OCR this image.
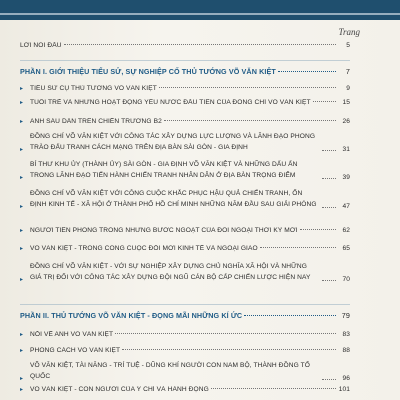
Trang
LỜI NÓI ĐẦU	5
PHẦN I. GIỚI THIỆU TIỂU SỬ, SỰ NGHIỆP CỐ THỦ TƯỚNG VÕ VĂN KIỆT	7
▸ TIỂU SỬ CỤ THỦ TƯỚNG VÕ VĂN KIỆT	9
▸ TUỔI TRẺ VÀ NHỮNG HOẠT ĐỘNG YÊU NƯỚC ĐẦU TIÊN CỦA ĐỒNG CHÍ VÕ VĂN KIỆT	15
▸ ANH SÁU DÂN TRÊN CHIẾN TRƯỜNG B2	26
▸ ĐỒNG CHÍ VÕ VĂN KIỆT VỚI CÔNG TÁC XÂY DỰNG LỰC LƯỢNG VÀ LÃNH ĐẠO PHONG TRÀO ĐẤU TRANH CÁCH MẠNG TRÊN ĐỊA BÀN SÀI GÒN - GIA ĐỊNH	31
▸ BÍ THƯ KHU ỦY (THÀNH ỦY) SÀI GÒN - GIA ĐỊNH VÕ VĂN KIỆT VÀ NHỮNG DẤU ẤN TRONG LÃNH ĐẠO TIẾN HÀNH CHIẾN TRANH NHÂN DÂN Ở ĐỊA BÀN TRỌNG ĐIỂM	39
▸ ĐỒNG CHÍ VÕ VĂN KIỆT VỚI CÔNG CUỘC KHẮC PHỤC HẬU QUẢ CHIẾN TRANH, ỔN ĐỊNH KINH TẾ - XÃ HỘI Ở THÀNH PHỐ HỒ CHÍ MINH NHỮNG NĂM ĐẦU SAU GIẢI PHÓNG	47
▸ NGƯỜI TIÊN PHONG TRONG NHỮNG BƯỚC NGOẶT CỦA ĐỐI NGOẠI THỜI KỲ MỚI	62
▸ VÕ VĂN KIỆT - TRONG CÔNG CUỘC ĐỔI MỚI KINH TẾ VÀ NGOẠI GIAO	65
▸ ĐỒNG CHÍ VÕ VĂN KIỆT - VỚI SỰ NGHIỆP XÂY DỰNG CHỦ NGHĨA XÃ HỘI VÀ NHỮNG GIÁ TRỊ ĐỐI VỚI CÔNG TÁC XÂY DỰNG ĐỘI NGŨ CÁN BỘ CẤP CHIẾN LƯỢC HIỆN NAY	70
PHẦN II. THỦ TƯỚNG VÕ VĂN KIỆT - ĐỌNG MÃI NHỮNG KÍ ỨC	79
▸ NỖI VỀ ANH VÕ VĂN KIỆT	83
▸ PHONG CÁCH VÕ VĂN KIỆT	88
▸ VÕ VĂN KIỆT, TÀI NĂNG - TRÍ TUỆ - DŨNG KHÍ NGƯỜI CON NAM BỘ, THÀNH ĐỒNG TỔ QUỐC	96
▸ VÕ VĂN KIỆT - CON NGƯỜI CỦA Ý CHÍ VÀ HÀNH ĐỘNG	101
